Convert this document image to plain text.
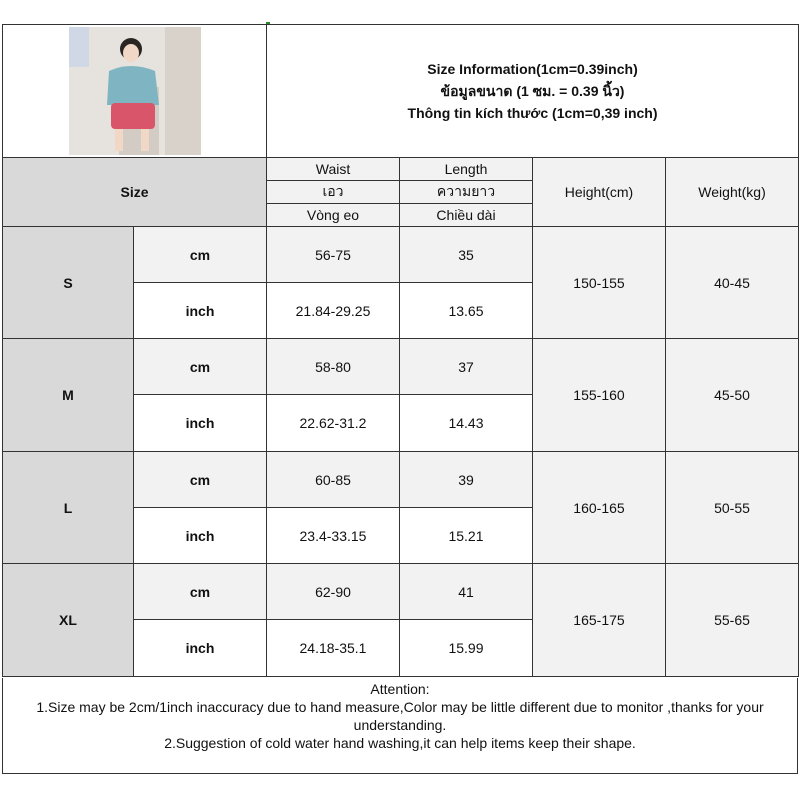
Size Information(1cm=0.39inch)
ข้อมูลขนาด (1 ซม. = 0.39 นิ้ว)
Thông tin kích thước (1cm=0,39 inch)			

Size		Waist	Length	Height(cm)	Weight(kg)
		เอว	ความยาว		
		Vòng eo	Chiều dài		
S	cm	56-75	35	150-155	40-45
	inch	21.84-29.25	13.65		
M	cm	58-80	37	155-160	45-50
	inch	22.62-31.2	14.43		
L	cm	60-85	39	160-165	50-55
	inch	23.4-33.15	15.21		
XL	cm	62-90	41	165-175	55-65
	inch	24.18-35.1	15.99		
Attention:
1.Size may be 2cm/1inch inaccuracy due to hand measure,Color may be little different due to monitor ,thanks for your
understanding.
2.Suggestion of cold water hand washing,it can help items keep their shape.
